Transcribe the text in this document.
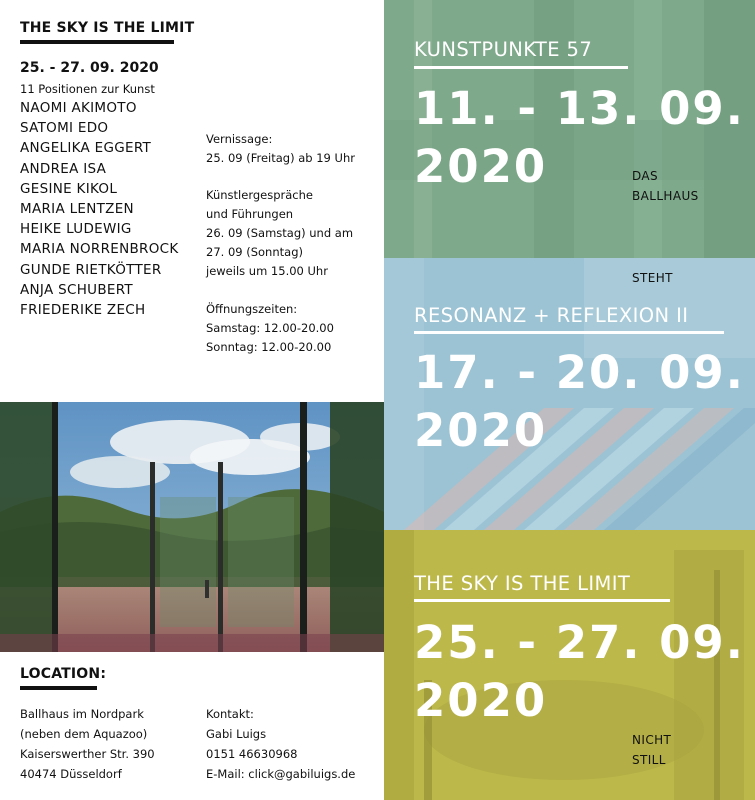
THE SKY IS THE LIMIT
25. - 27. 09. 2020
11 Positionen zur Kunst
NAOMI AKIMOTO
SATOMI EDO
ANGELIKA EGGERT
ANDREA ISA
GESINE KIKOL
MARIA LENTZEN
HEIKE LUDEWIG
MARIA NORRENBROCK
GUNDE RIETKÖTTER
ANJA SCHUBERT
FRIEDERIKE ZECH
Vernissage:
25. 09 (Freitag) ab 19 Uhr
Künstlergespräche
und Führungen
26. 09 (Samstag) und am
27. 09 (Sonntag)
jeweils um 15.00 Uhr
Öffnungszeiten:
Samstag: 12.00-20.00
Sonntag: 12.00-20.00
LOCATION:
Ballhaus im Nordpark
(neben dem Aquazoo)
Kaiserswerther Str. 390
40474 Düsseldorf
Kontakt:
Gabi Luigs
0151 46630968
E-Mail: click@gabiluigs.de
KUNSTPUNKTE 57
11. - 13. 09.
2020	DAS
BALLHAUS
STEHT
RESONANZ + REFLEXION II
17. - 20. 09.
2020
THE SKY IS THE LIMIT
25. - 27. 09.
2020
NICHT
STILL
